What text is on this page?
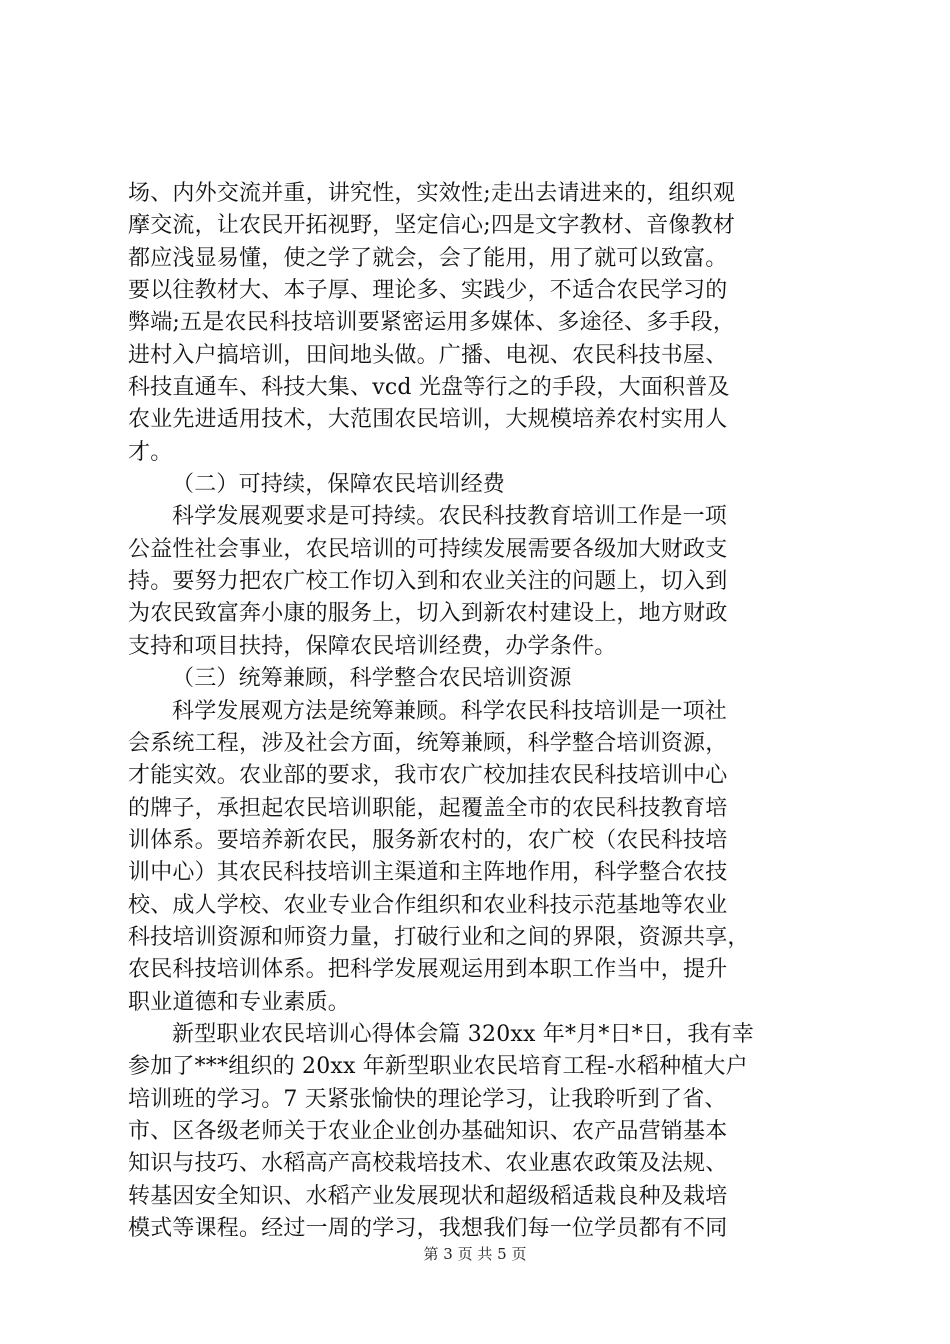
场、内外交流并重，讲究性，实效性;走出去请进来的，组织观
摩交流，让农民开拓视野，坚定信心;四是文字教材、音像教材
都应浅显易懂，使之学了就会，会了能用，用了就可以致富。
要以往教材大、本子厚、理论多、实践少，不适合农民学习的
弊端;五是农民科技培训要紧密运用多媒体、多途径、多手段，
进村入户搞培训，田间地头做。广播、电视、农民科技书屋、
科技直通车、科技大集、vcd 光盘等行之的手段，大面积普及
农业先进适用技术，大范围农民培训，大规模培养农村实用人
才。
（二）可持续，保障农民培训经费
科学发展观要求是可持续。农民科技教育培训工作是一项
公益性社会事业，农民培训的可持续发展需要各级加大财政支
持。要努力把农广校工作切入到和农业关注的问题上，切入到
为农民致富奔小康的服务上，切入到新农村建设上，地方财政
支持和项目扶持，保障农民培训经费，办学条件。
（三）统筹兼顾，科学整合农民培训资源
科学发展观方法是统筹兼顾。科学农民科技培训是一项社
会系统工程，涉及社会方面，统筹兼顾，科学整合培训资源，
才能实效。农业部的要求，我市农广校加挂农民科技培训中心
的牌子，承担起农民培训职能，起覆盖全市的农民科技教育培
训体系。要培养新农民，服务新农村的，农广校（农民科技培
训中心）其农民科技培训主渠道和主阵地作用，科学整合农技
校、成人学校、农业专业合作组织和农业科技示范基地等农业
科技培训资源和师资力量，打破行业和之间的界限，资源共享，
农民科技培训体系。把科学发展观运用到本职工作当中，提升
职业道德和专业素质。
新型职业农民培训心得体会篇 320xx 年*月*日*日，我有幸
参加了***组织的 20xx 年新型职业农民培育工程-水稻种植大户
培训班的学习。7 天紧张愉快的理论学习，让我聆听到了省、
市、区各级老师关于农业企业创办基础知识、农产品营销基本
知识与技巧、水稻高产高校栽培技术、农业惠农政策及法规、
转基因安全知识、水稻产业发展现状和超级稻适栽良种及栽培
模式等课程。经过一周的学习，我想我们每一位学员都有不同
第 3 页 共 5 页
